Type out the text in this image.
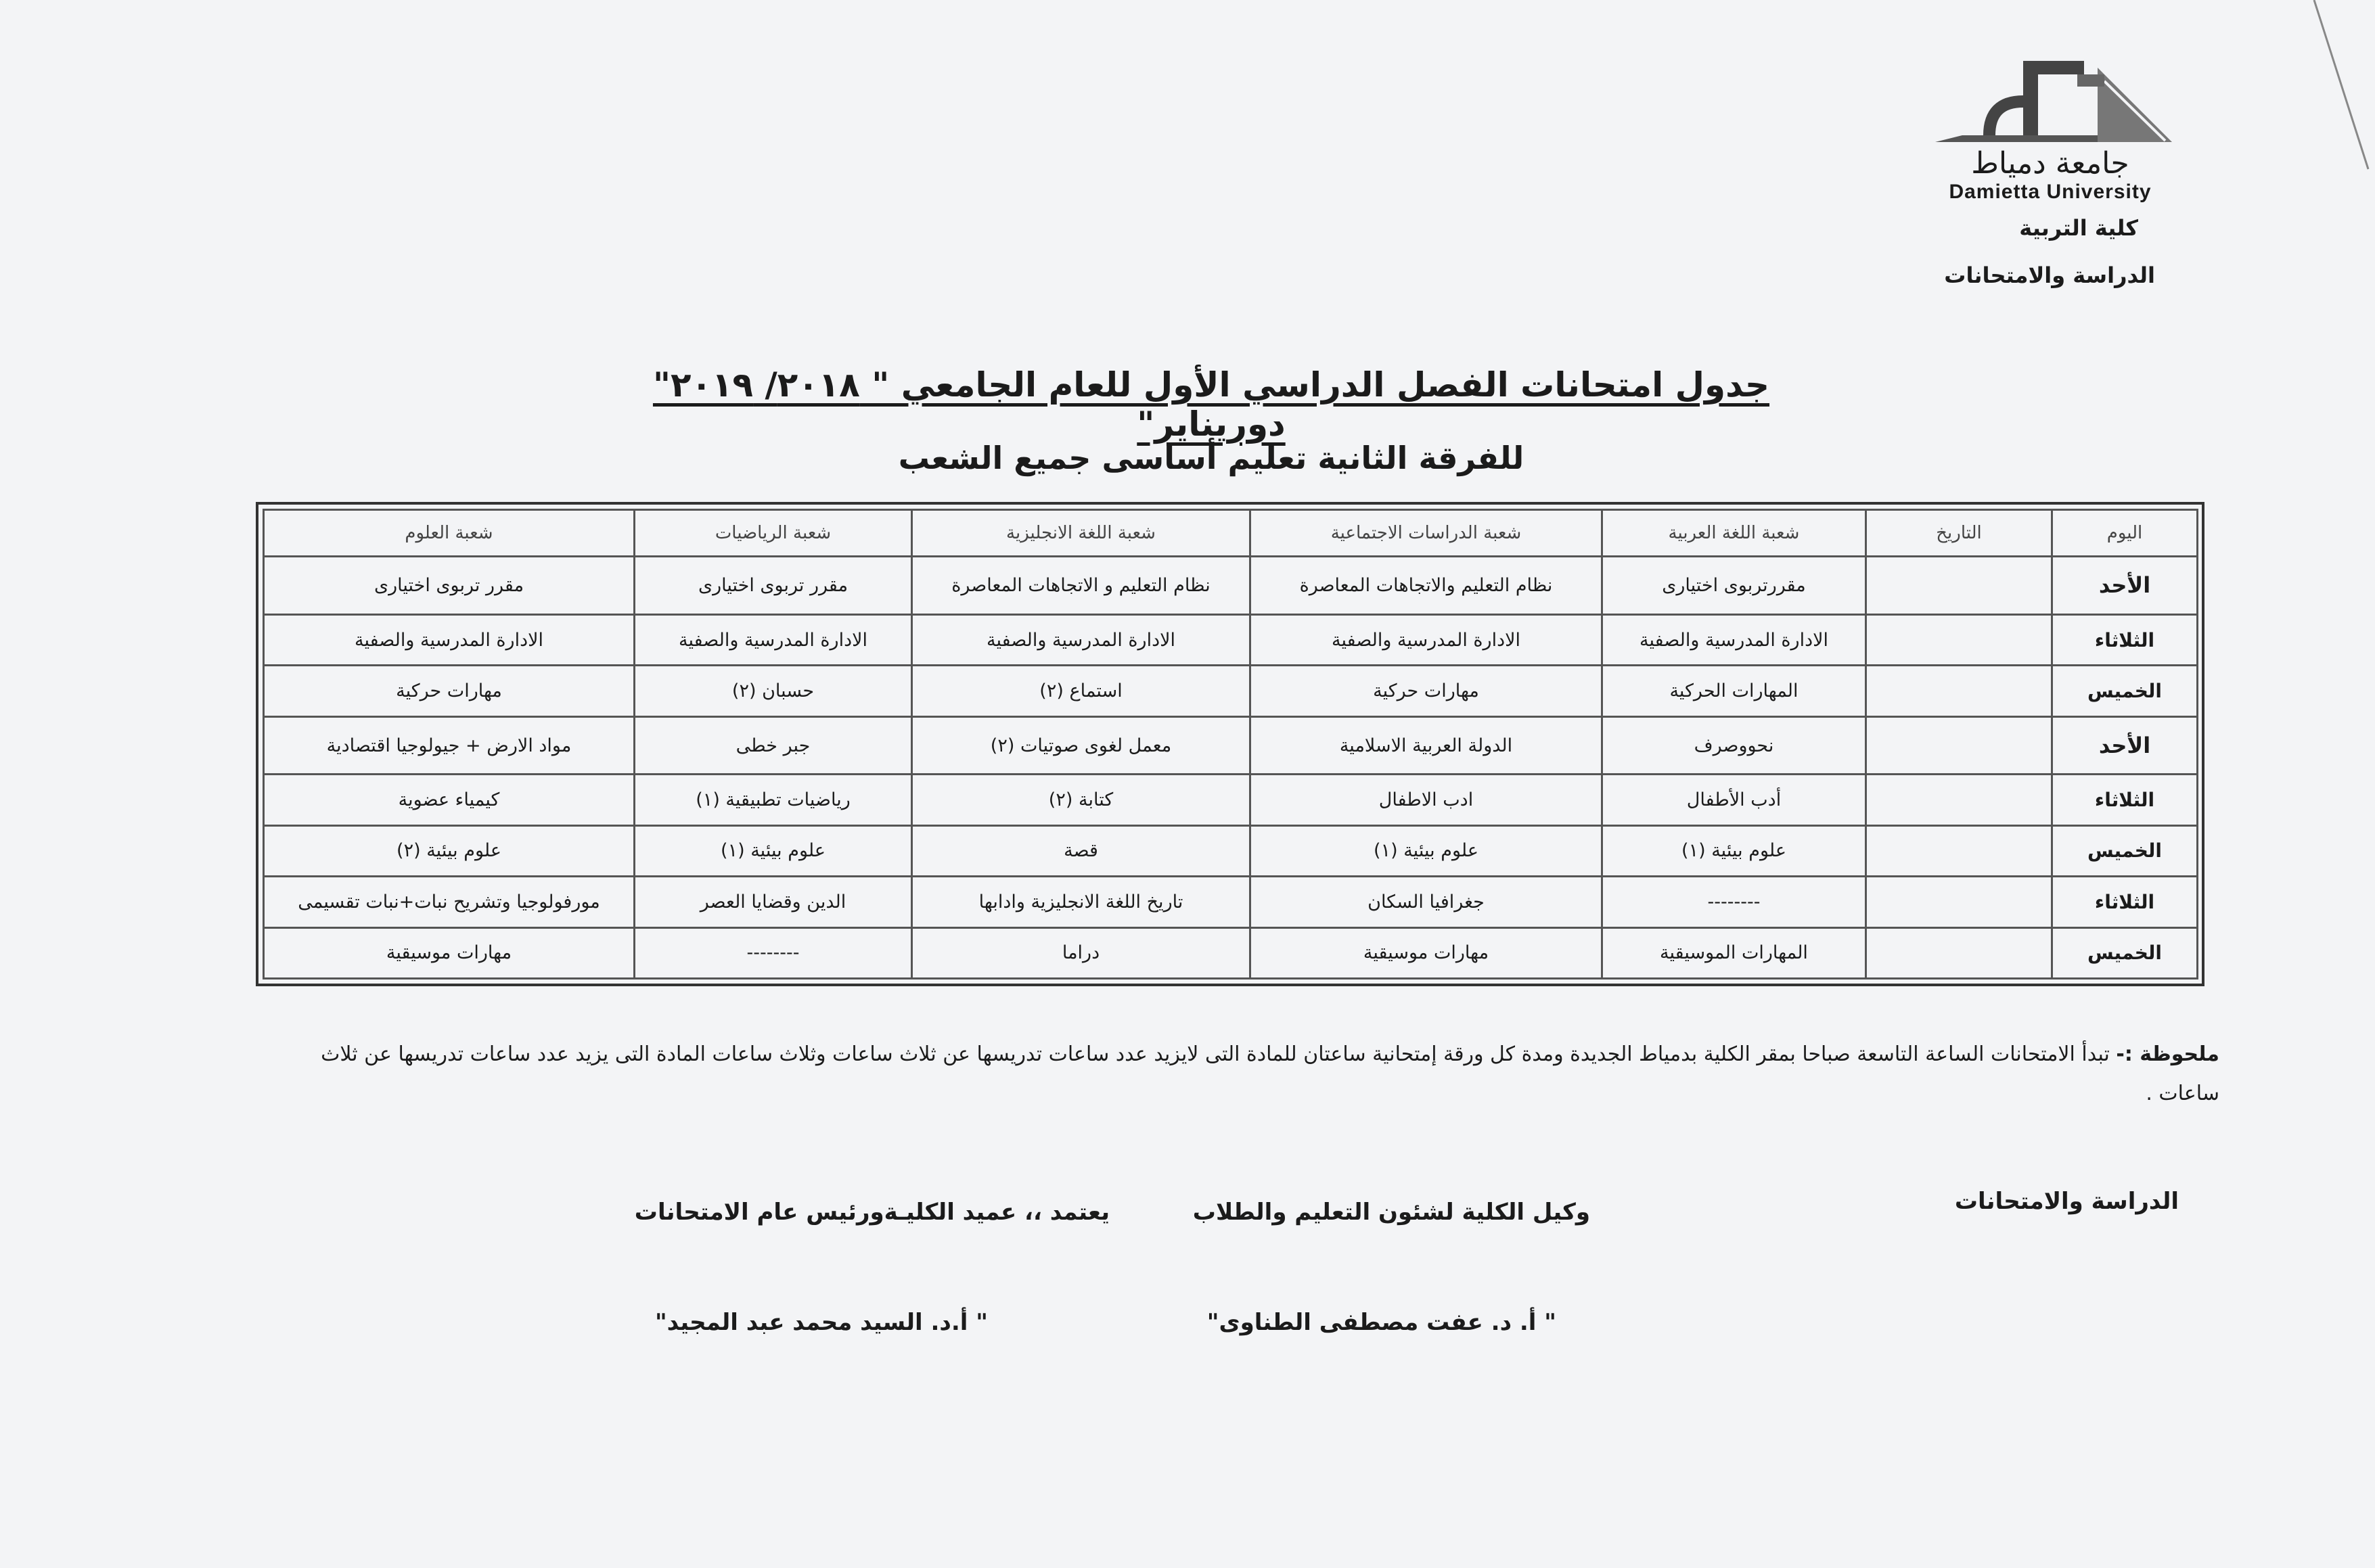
جامعة دمياط
Damietta University
كلية التربية
الدراسة والامتحانات
جدول امتحانات الفصل الدراسي الأول للعام الجامعي " ٢٠١٨/ ٢٠١٩" دوريناير"
للفرقة الثانية تعليم أساسى جميع الشعب
اليوم	التاريخ	شعبة اللغة العربية	شعبة الدراسات الاجتماعية	شعبة اللغة الانجليزية	شعبة الرياضيات	شعبة العلوم
الأحد		مقررتربوى اختيارى	نظام التعليم والاتجاهات المعاصرة	نظام التعليم و الاتجاهات المعاصرة	مقرر تربوى اختيارى	مقرر تربوى اختيارى
الثلاثاء		الادارة المدرسية والصفية	الادارة المدرسية والصفية	الادارة المدرسية والصفية	الادارة المدرسية والصفية	الادارة المدرسية والصفية
الخميس		المهارات الحركية	مهارات حركية	استماع (٢)	حسبان (٢)	مهارات حركية
الأحد		نحووصرف	الدولة العربية الاسلامية	معمل لغوى صوتيات (٢)	جبر خطى	مواد الارض + جيولوجيا اقتصادية
الثلاثاء		أدب الأطفال	ادب الاطفال	كتابة (٢)	رياضيات تطبيقية (١)	كيمياء عضوية
الخميس		علوم بيئية (١)	علوم بيئية (١)	قصة	علوم بيئية (١)	علوم بيئية (٢)
الثلاثاء		--------	جغرافيا السكان	تاريخ اللغة الانجليزية وادابها	الدين وقضايا العصر	مورفولوجيا وتشريح نبات+نبات تقسيمى
الخميس		المهارات الموسيقية	مهارات موسيقية	دراما	--------	مهارات موسيقية
ملحوظة :- تبدأ الامتحانات الساعة التاسعة صباحا بمقر الكلية بدمياط الجديدة ومدة كل ورقة إمتحانية ساعتان للمادة التى لايزيد عدد ساعات تدريسها عن ثلاث ساعات وثلاث ساعات المادة التى يزيد عدد ساعات تدريسها عن ثلاث ساعات .
الدراسة والامتحانات
وكيل الكلية لشئون التعليم والطلاب
يعتمد ،، عميد الكليـةورئيس عام الامتحانات
" أ. د. عفت مصطفى الطناوى"
" أ.د. السيد محمد عبد المجيد"
